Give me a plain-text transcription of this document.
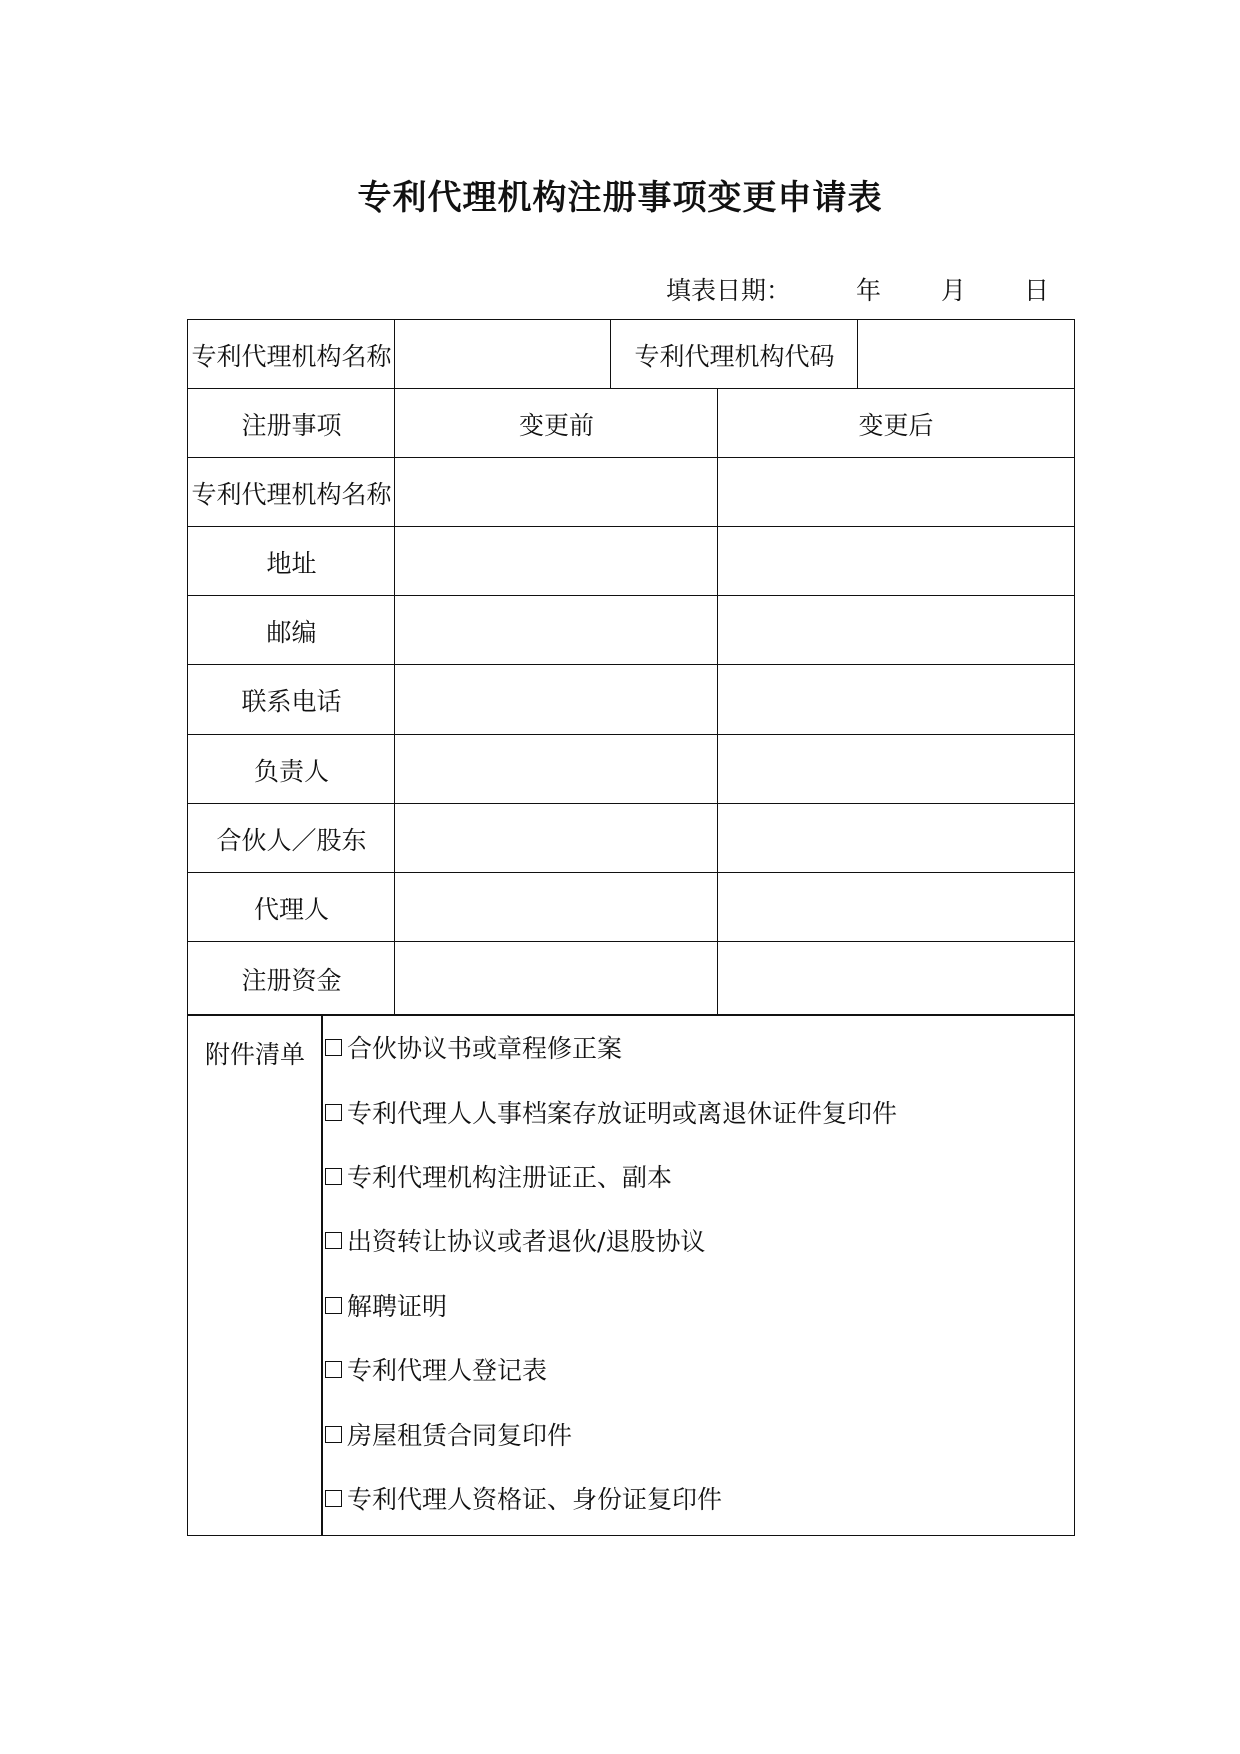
专利代理机构注册事项变更申请表
填表日期：	年 月 日
专利代理机构名称	专利代理机构代码
注册事项	变更前	变更后
专利代理机构名称
地址
邮编
联系电话
负责人
合伙人／股东
代理人
注册资金
附件清单	合伙协议书或章程修正案
专利代理人人事档案存放证明或离退休证件复印件
专利代理机构注册证正、副本
出资转让协议或者退伙/退股协议
解聘证明
专利代理人登记表
房屋租赁合同复印件
专利代理人资格证、身份证复印件
